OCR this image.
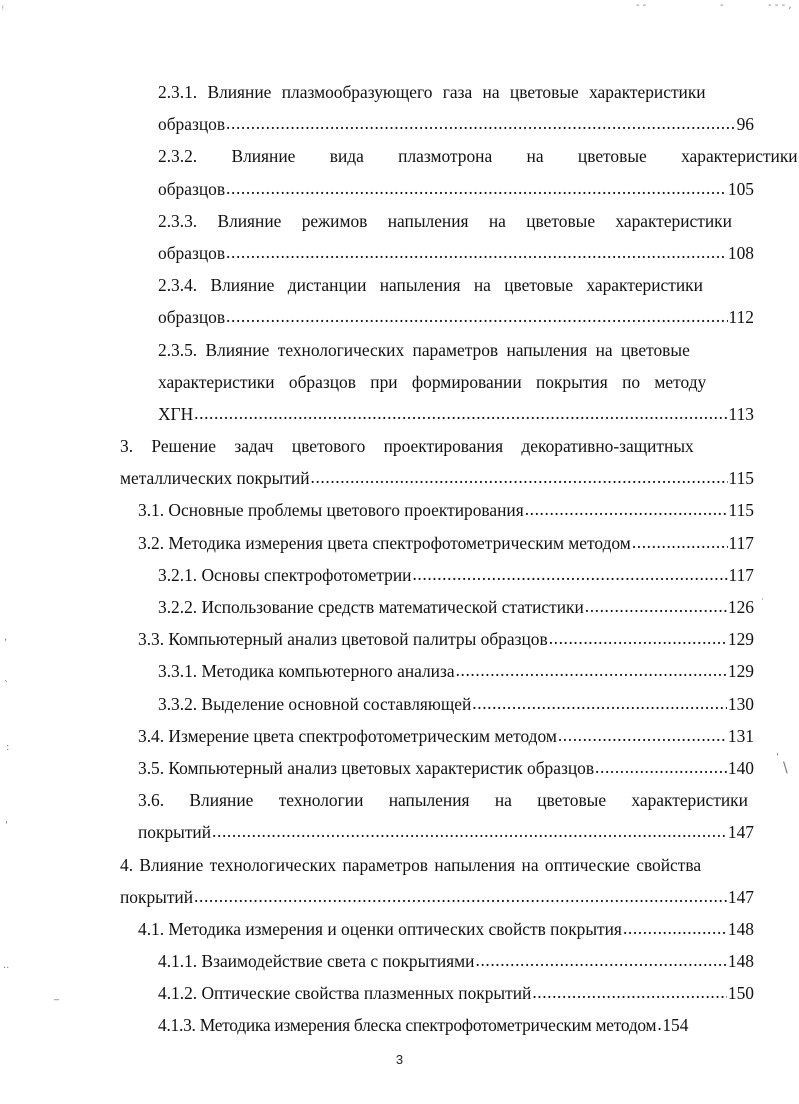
ᵎ	- -	-	- - - ,
˙
'
\
,
`
:
'
..
_
2.3.1. Влияние плазмообразующего газа на цветовые характеристики
образцов .....	96
2.3.2. Влияние вида плазмотрона на цветовые характеристики
образцов .....	105
2.3.3. Влияние режимов напыления на цветовые характеристики
образцов .....	108
2.3.4. Влияние дистанции напыления на цветовые характеристики
образцов .....	112
2.3.5. Влияние технологических параметров напыления на цветовые
характеристики образцов при формировании покрытия по методу
ХГН .....	113
3. Решение задач цветового проектирования декоративно-защитных
металлических покрытий .....	115
3.1. Основные проблемы цветового проектирования .....	115
3.2. Методика измерения цвета спектрофотометрическим методом .....	117
3.2.1. Основы спектрофотометрии .....	117
3.2.2. Использование средств математической статистики .....	126
3.3. Компьютерный анализ цветовой палитры образцов .....	129
3.3.1. Методика компьютерного анализа .....	129
3.3.2. Выделение основной составляющей .....	130
3.4. Измерение цвета спектрофотометрическим методом .....	131
3.5. Компьютерный анализ цветовых характеристик образцов .....	140
3.6. Влияние технологии напыления на цветовые характеристики
покрытий .....	147
4. Влияние технологических параметров напыления на оптические свойства
покрытий .....	147
4.1. Методика измерения и оценки оптических свойств покрытия .....	148
4.1.1. Взаимодействие света с покрытиями .....	148
4.1.2. Оптические свойства плазменных покрытий .....	150
4.1.3. Методика измерения блеска спектрофотометрическим методом ..... 154
3
